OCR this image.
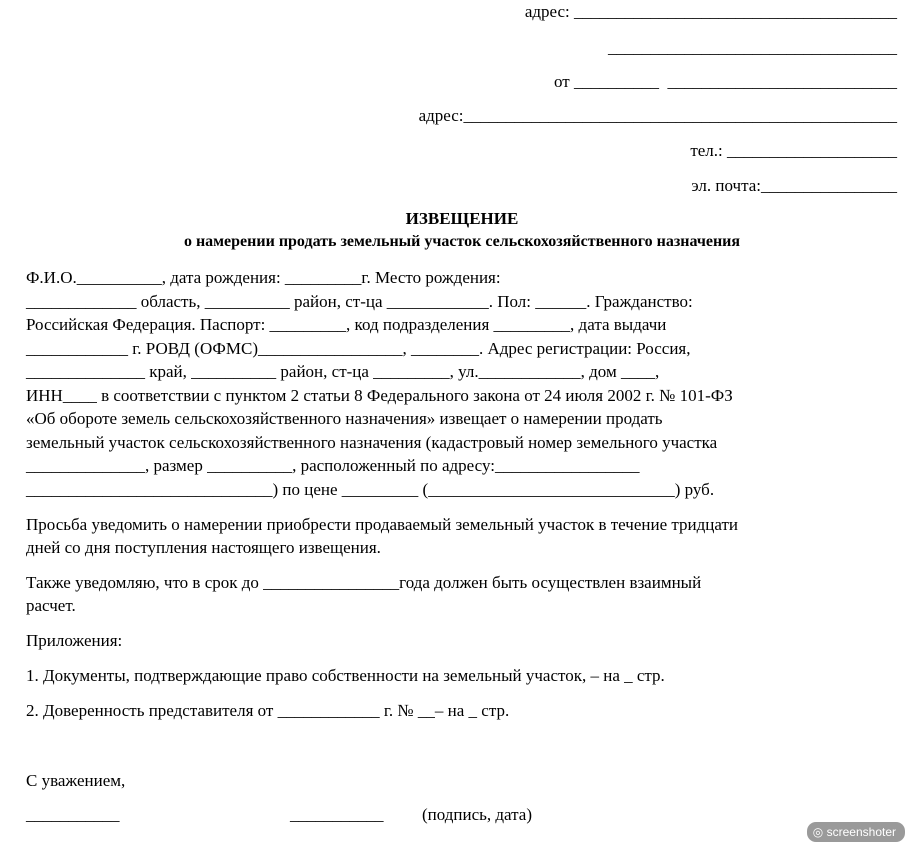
адрес: ______________________________________
__________________________________
от __________  ___________________________
адрес:___________________________________________________
тел.: ____________________
эл. почта:________________
ИЗВЕЩЕНИЕ
о намерении продать земельный участок сельскохозяйственного назначения
Ф.И.О.__________, дата рождения: _________г. Место рождения:
_____________ область, __________ район, ст-ца ____________. Пол: ______. Гражданство:
Российская Федерация. Паспорт: _________, код подразделения _________, дата выдачи
____________ г. РОВД (ОФМС)_________________, ________. Адрес регистрации: Россия,
______________ край, __________ район, ст-ца _________, ул.____________, дом ____,
ИНН____ в соответствии с пунктом 2 статьи 8 Федерального закона от 24 июля 2002 г. № 101-ФЗ
«Об обороте земель сельскохозяйственного назначения» извещает о намерении продать
земельный участок сельскохозяйственного назначения (кадастровый номер земельного участка
______________, размер __________, расположенный по адресу:_________________
_____________________________) по цене _________ (_____________________________) руб.
Просьба уведомить о намерении приобрести продаваемый земельный участок в течение тридцати
дней со дня поступления настоящего извещения.
Также уведомляю, что в срок до ________________года должен быть осуществлен взаимный
расчет.
Приложения:
1. Документы, подтверждающие право собственности на земельный участок, – на _ стр.
2. Доверенность представителя от ____________ г. № __– на _ стр.
С уважением,
___________	___________ (подпись, дата)
◎ screenshoter
